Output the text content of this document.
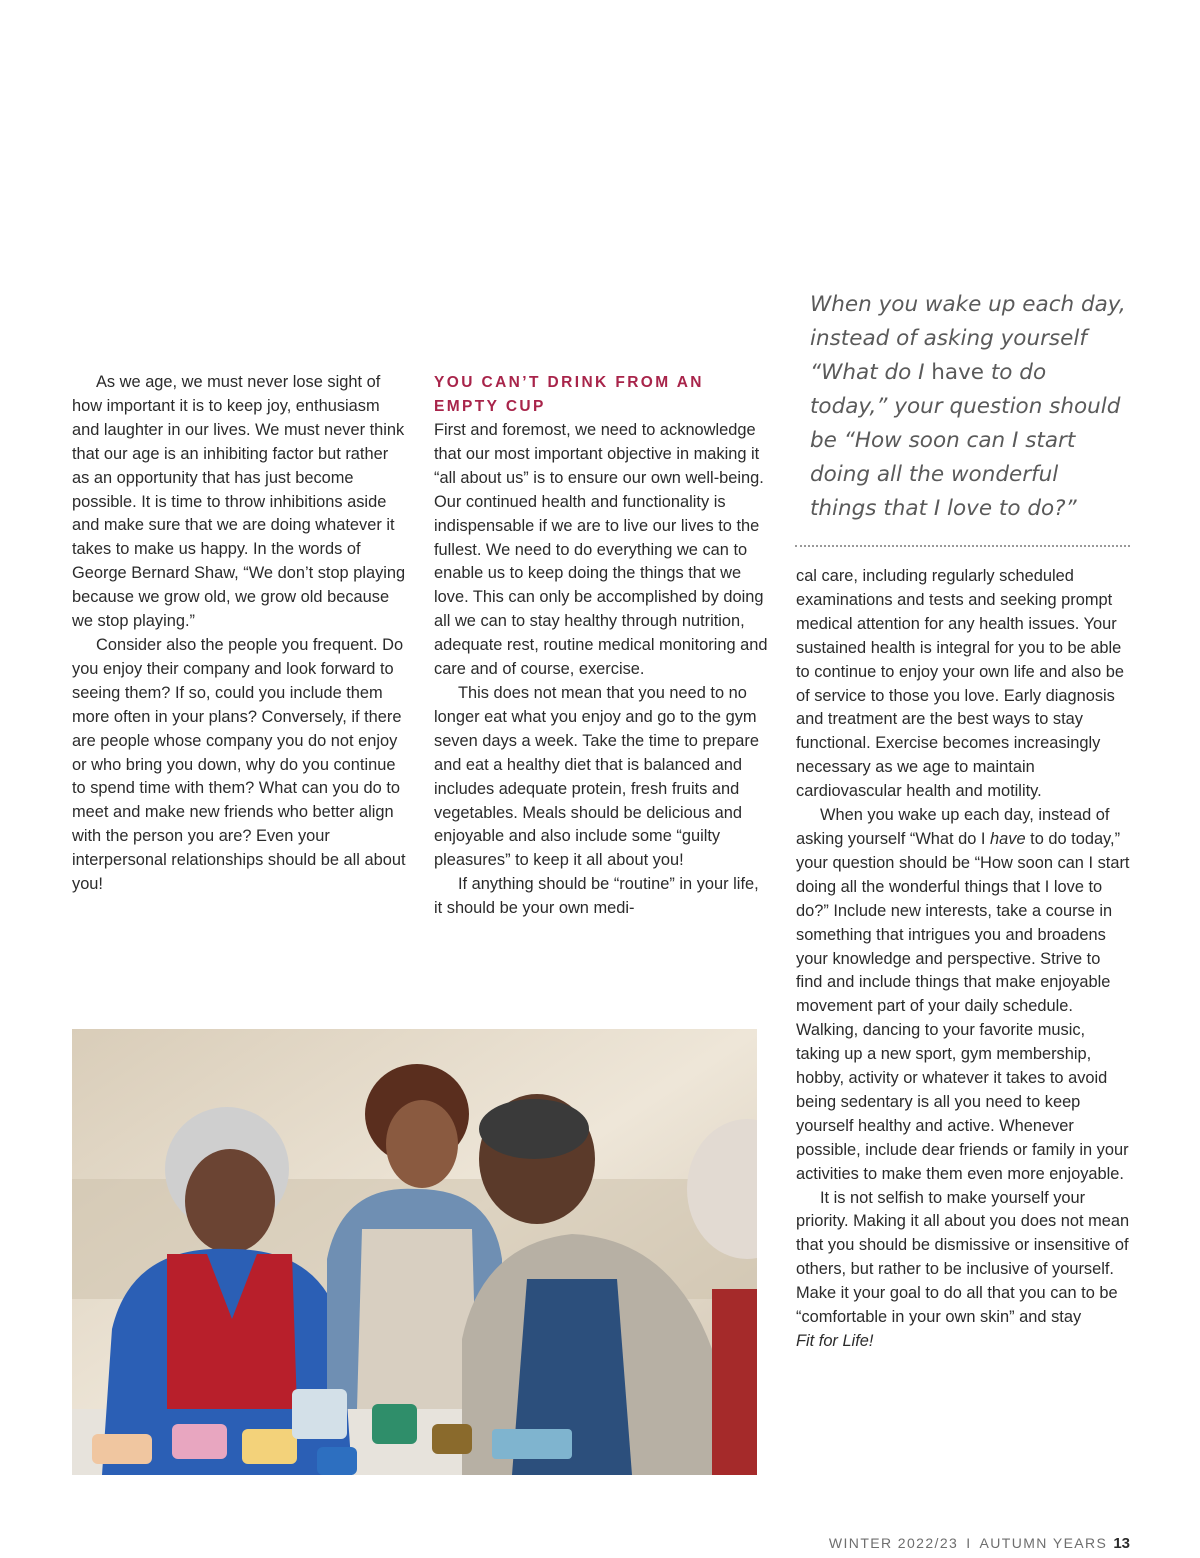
As we age, we must never lose sight of how important it is to keep joy, enthusiasm and laughter in our lives. We must never think that our age is an inhibiting factor but rather as an opportunity that has just become possible. It is time to throw inhibitions aside and make sure that we are doing whatever it takes to make us happy. In the words of George Bernard Shaw, “We don’t stop playing because we grow old, we grow old because we stop playing.”

Consider also the people you frequent. Do you enjoy their company and look forward to seeing them? If so, could you include them more often in your plans? Conversely, if there are people whose company you do not enjoy or who bring you down, why do you continue to spend time with them? What can you do to meet and make new friends who better align with the person you are? Even your interpersonal relationships should be all about you!

YOU CAN’T DRINK FROM AN EMPTY CUP

First and foremost, we need to acknowledge that our most important objective in making it “all about us” is to ensure our own well-being. Our continued health and functionality is indispensable if we are to live our lives to the fullest. We need to do everything we can to enable us to keep doing the things that we love. This can only be accomplished by doing all we can to stay healthy through nutrition, adequate rest, routine medical monitoring and care and of course, exercise.

This does not mean that you need to no longer eat what you enjoy and go to the gym seven days a week. Take the time to prepare and eat a healthy diet that is balanced and includes adequate protein, fresh fruits and vegetables. Meals should be delicious and enjoyable and also include some “guilty pleasures” to keep it all about you!

If anything should be “routine” in your life, it should be your own medi-

When you wake up each day, instead of asking yourself “What do I have to do today,” your question should be “How soon can I start doing all the wonderful things that I love to do?”

cal care, including regularly scheduled examinations and tests and seeking prompt medical attention for any health issues. Your sustained health is integral for you to be able to continue to enjoy your own life and also be of service to those you love. Early diagnosis and treatment are the best ways to stay functional. Exercise becomes increasingly necessary as we age to maintain cardiovascular health and motility.

When you wake up each day, instead of asking yourself “What do I have to do today,” your question should be “How soon can I start doing all the wonderful things that I love to do?” Include new interests, take a course in something that intrigues you and broadens your knowledge and perspective. Strive to find and include things that make enjoyable movement part of your daily schedule. Walking, dancing to your favorite music, taking up a new sport, gym membership, hobby, activity or whatever it takes to avoid being sedentary is all you need to keep yourself healthy and active. Whenever possible, include dear friends or family in your activities to make them even more enjoyable.

It is not selfish to make yourself your priority. Making it all about you does not mean that you should be dismissive or insensitive of others, but rather to be inclusive of yourself. Make it your goal to do all that you can to be “comfortable in your own skin” and stay

Fit for Life!

WINTER 2022/23 I AUTUMN YEARS 13
